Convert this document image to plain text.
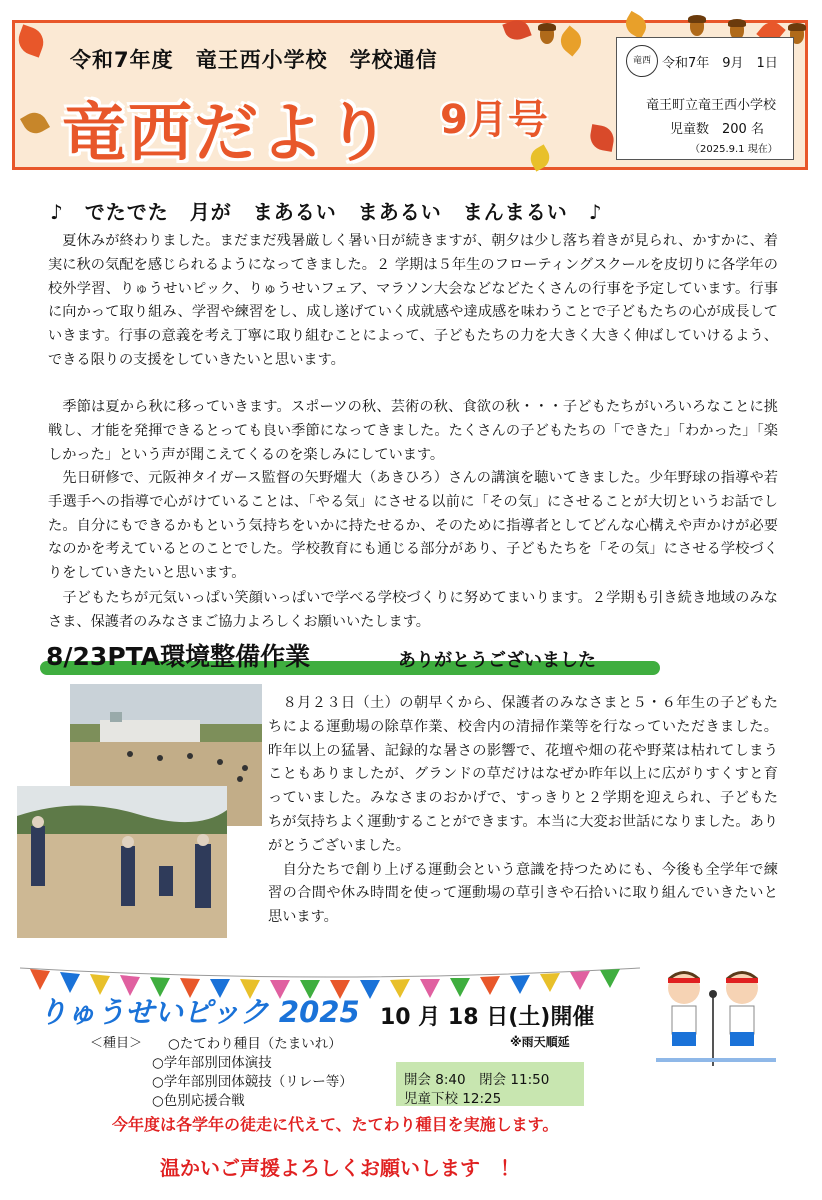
令和7年度　竜王西小学校　学校通信
竜西だより 9月号
竜西 令和7年　9月　1日
竜王町立竜王西小学校
児童数　200 名
（2025.9.1 現在）
♪　でたでた　月が　まあるい　まあるい　まんまるい　♪
　夏休みが終わりました。まだまだ残暑厳しく暑い日が続きますが、朝夕は少し落ち着きが見られ、かすかに、着実に秋の気配を感じられるようになってきました。２ 学期は５年生のフローティングスクールを皮切りに各学年の校外学習、りゅうせいピック、りゅうせいフェア、マラソン大会などなどたくさんの行事を予定しています。行事に向かって取り組み、学習や練習をし、成し遂げていく成就感や達成感を味わうことで子どもたちの心が成長していきます。行事の意義を考え丁寧に取り組むことによって、子どもたちの力を大きく大きく伸ばしていけるよう、できる限りの支援をしていきたいと思います。
　季節は夏から秋に移っていきます。スポーツの秋、芸術の秋、食欲の秋・・・子どもたちがいろいろなことに挑戦し、才能を発揮できるとっても良い季節になってきました。たくさんの子どもたちの「できた」「わかった」「楽しかった」という声が聞こえてくるのを楽しみにしています。
　先日研修で、元阪神タイガース監督の矢野燿大（あきひろ）さんの講演を聴いてきました。少年野球の指導や若手選手への指導で心がけていることは、「やる気」にさせる以前に「その気」にさせることが大切というお話でした。自分にもできるかもという気持ちをいかに持たせるか、そのために指導者としてどんな心構えや声かけが必要なのかを考えているとのことでした。学校教育にも通じる部分があり、子どもたちを「その気」にさせる学校づくりをしていきたいと思います。
　子どもたちが元気いっぱい笑顔いっぱいで学べる学校づくりに努めてまいります。２学期も引き続き地域のみなさま、保護者のみなさまご協力よろしくお願いいたします。
8/23PTA環境整備作業	ありがとうございました
　８月２３日（土）の朝早くから、保護者のみなさまと５・６年生の子どもたちによる運動場の除草作業、校舎内の清掃作業等を行なっていただきました。昨年以上の猛暑、記録的な暑さの影響で、花壇や畑の花や野菜は枯れてしまうこともありましたが、グランドの草だけはなぜか昨年以上に広がりすくすと育っていました。みなさまのおかげで、すっきりと２学期を迎えられ、子どもたちが気持ちよく運動することができます。本当に大変お世話になりました。ありがとうございました。
　自分たちで創り上げる運動会という意識を持つためにも、今後も全学年で練習の合間や休み時間を使って運動場の草引きや石拾いに取り組んでいきたいと思います。
りゅうせいピック 2025 10 月 18 日(土)開催
※雨天順延
＜種目＞ ○たてわり種目（たまいれ）
○学年部別団体演技
○学年部別団体競技（リレー等）
○色別応援合戦
開会 8:40　閉会 11:50
児童下校 12:25
今年度は各学年の徒走に代えて、たてわり種目を実施します。
温かいご声援よろしくお願いします　！
